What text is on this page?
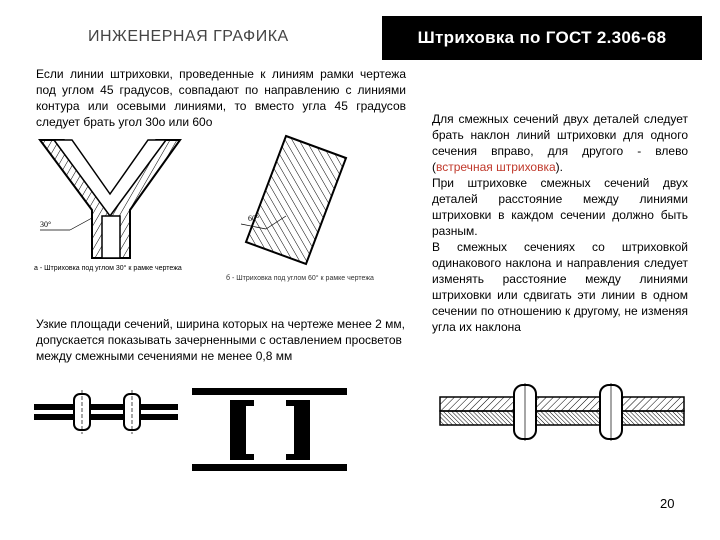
ИНЖЕНЕРНАЯ ГРАФИКА	Штриховка по ГОСТ 2.306-68
Если линии штриховки, проведенные к линиям рамки чертежа под углом 45 градусов, совпадают по направлению с линиями контура или осевыми линиями, то вместо угла 45 градусов следует брать угол 30о или 60о	Для смежных сечений двух деталей следует брать наклон линий штриховки для одного сечения вправо, для другого - влево (встречная штриховка).
При штриховке смежных сечений двух деталей расстояние между линиями штриховки в каждом сечении должно быть разным.
В смежных сечениях со штриховкой одинакового наклона и направления следует изменять расстояние между линиями штриховки или сдвигать эти линии в одном сечении по отношению к другому, не изменяя угла их наклона
Узкие площади сечений, ширина которых на чертеже менее 2 мм, допускается показывать зачерненными с оставлением просветов между смежными сечениями не менее 0,8 мм
30°
а - Штриховка под углом 30° к рамке чертежа
60°
б - Штриховка под углом 60° к рамке чертежа
20
